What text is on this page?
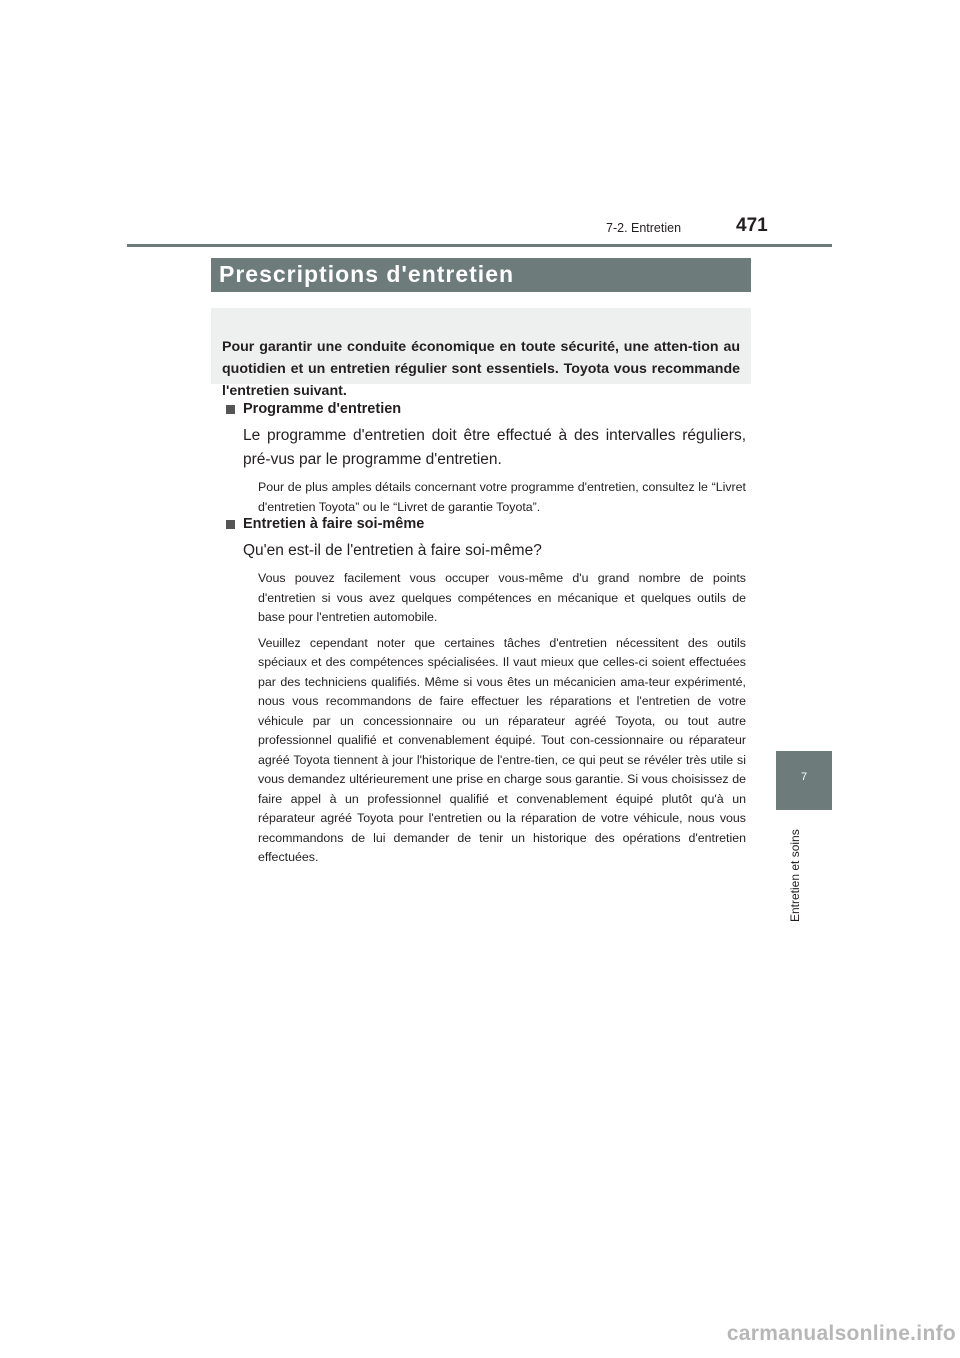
7-2. Entretien	471
Prescriptions d'entretien
Pour garantir une conduite économique en toute sécurité, une atten-tion au quotidien et un entretien régulier sont essentiels. Toyota vous recommande l'entretien suivant.
Programme d'entretien
Le programme d'entretien doit être effectué à des intervalles réguliers, pré-vus par le programme d'entretien.
Pour de plus amples détails concernant votre programme d'entretien, consultez le “Livret d'entretien Toyota” ou le “Livret de garantie Toyota”.
Entretien à faire soi-même
Qu'en est-il de l'entretien à faire soi-même?
Vous pouvez facilement vous occuper vous-même d'u grand nombre de points d'entretien si vous avez quelques compétences en mécanique et quelques outils de base pour l'entretien automobile.
Veuillez cependant noter que certaines tâches d'entretien nécessitent des outils spéciaux et des compétences spécialisées. Il vaut mieux que celles-ci soient effectuées par des techniciens qualifiés. Même si vous êtes un mécanicien ama-teur expérimenté, nous vous recommandons de faire effectuer les réparations et l'entretien de votre véhicule par un concessionnaire ou un réparateur agréé Toyota, ou tout autre professionnel qualifié et convenablement équipé. Tout con-cessionnaire ou réparateur agréé Toyota tiennent à jour l'historique de l'entre-tien, ce qui peut se révéler très utile si vous demandez ultérieurement une prise en charge sous garantie. Si vous choisissez de faire appel à un professionnel qualifié et convenablement équipé plutôt qu'à un réparateur agréé Toyota pour l'entretien ou la réparation de votre véhicule, nous vous recommandons de lui demander de tenir un historique des opérations d'entretien effectuées.
7
Entretien et soins
carmanualsonline.info
